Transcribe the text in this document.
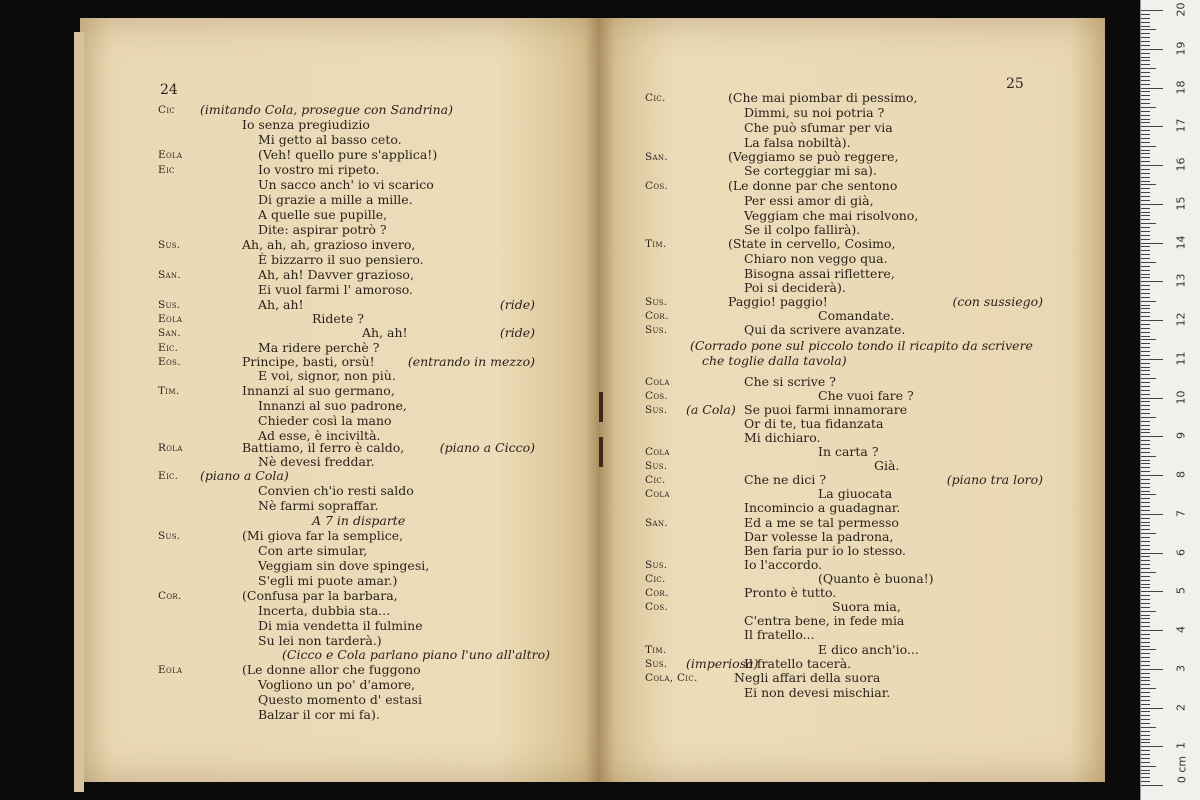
24
Cic (imitando Cola, prosegue con Sandrina)
Io senza pregiudizio
Mi getto al basso ceto.
Eola	(Veh! quello pure s'applica!)
Eic	Io vostro mi ripeto.
Un sacco anch' io vi scarico
Di grazie a mille a mille.
A quelle sue pupille,
Dite: aspirar potrò ?
Sus.	Ah, ah, ah, grazioso invero,
È bizzarro il suo pensiero.
San.	Ah, ah! Davver grazioso,
Ei vuol farmi l' amoroso.
Sus.	Ah, ah!	(ride)
Eola	Ridete ?
San.	Ah, ah!	(ride)
Eic.	Ma ridere perchè ?
Eos.	Principe, basti, orsù!	(entrando in mezzo)
E voi, signor, non più.
Tim.	Innanzi al suo germano,
Innanzi al suo padrone,
Chieder così la mano
Ad esse, è inciviltà.
Rola	Battiamo, il ferro è caldo,	(piano a Cicco)
Nè devesi freddar.
Eic. (piano a Cola)
Convien ch'io resti saldo
Nè farmi sopraffar.
A 7 in disparte
Sus.	(Mi giova far la semplice,
Con arte simular,
Veggiam sin dove spingesi,
S'egli mi puote amar.)
Cor.	(Confusa par la barbara,
Incerta, dubbia sta...
Di mia vendetta il fulmine
Su lei non tarderà.)
(Cicco e Cola parlano piano l'uno all'altro)
Eola	(Le donne allor che fuggono
Vogliono un po' d'amore,
Questo momento d' estasi
Balzar il cor mi fa).
25
Cic.	(Che mai piombar di pessimo,
Dimmi, su noi potria ?
Che può sfumar per via
La falsa nobiltà).
San.	(Veggiamo se può reggere,
Se corteggiar mi sa).
Cos.	(Le donne par che sentono
Per essi amor di già,
Veggiam che mai risolvono,
Se il colpo fallirà).
Tim.	(State in cervello, Cosimo,
Chiaro non veggo qua.
Bisogna assai riflettere,
Poi si deciderà).
Sus.	Paggio! paggio!	(con sussiego)
Cor.	Comandate.
Sus.	Qui da scrivere avanzate.
(Corrado pone sul piccolo tondo il ricapito da scrivere
che toglie dalla tavola)
Cola	Che si scrive ?
Cos.	Che vuoi fare ?
Sus. (a Cola) Se puoi farmi innamorare
Or di te, tua fidanzata
Mi dichiaro.
Cola	In carta ?
Sus.	Già.
Cic.	Che ne dici ?	(piano tra loro)
Cola	La giuocata
Incomincio a guadagnar.
San.	Ed a me se tal permesso
Dar volesse la padrona,
Ben faria pur io lo stesso.
Sus.	Io l'accordo.
Cic.	(Quanto è buona!)
Cor.	Pronto è tutto.
Cos.	Suora mia,
C'entra bene, in fede mia
Il fratello...
Tim.	E dico anch'io...
Sus. (imperiosa)
Il fratello tacerà.
Cola, Cic.	Negli affari della suora
Ei non devesi mischiar.
0 cm
1
2
3
4
5
6
7
8
9
10
11
12
13
14
15
16
17
18
19
20
